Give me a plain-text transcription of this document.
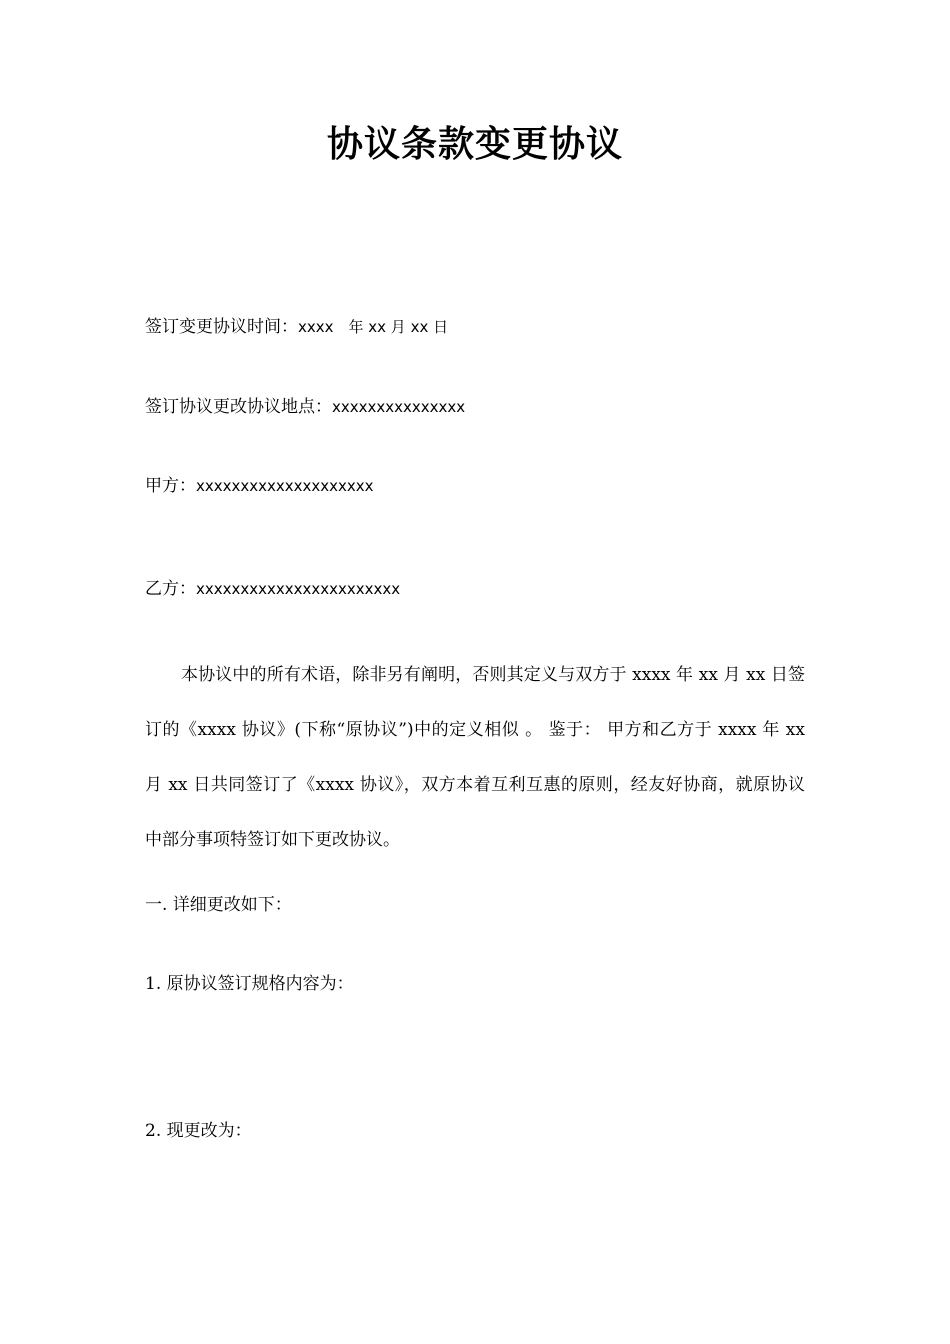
协议条款变更协议
签订变更协议时间：xxxx　年 xx 月 xx 日
签订协议更改协议地点：xxxxxxxxxxxxxxx
甲方：xxxxxxxxxxxxxxxxxxxx
乙方：xxxxxxxxxxxxxxxxxxxxxxx
本协议中的所有术语，除非另有阐明，否则其定义与双方于 xxxx 年 xx 月 xx 日签订的《xxxx 协议》(下称“原协议”)中的定义相似 。 鉴于： 甲方和乙方于 xxxx 年 xx 月 xx 日共同签订了《xxxx 协议》，双方本着互利互惠的原则，经友好协商，就原协议中部分事项特签订如下更改协议。
一. 详细更改如下：
1. 原协议签订规格内容为：
2. 现更改为：
